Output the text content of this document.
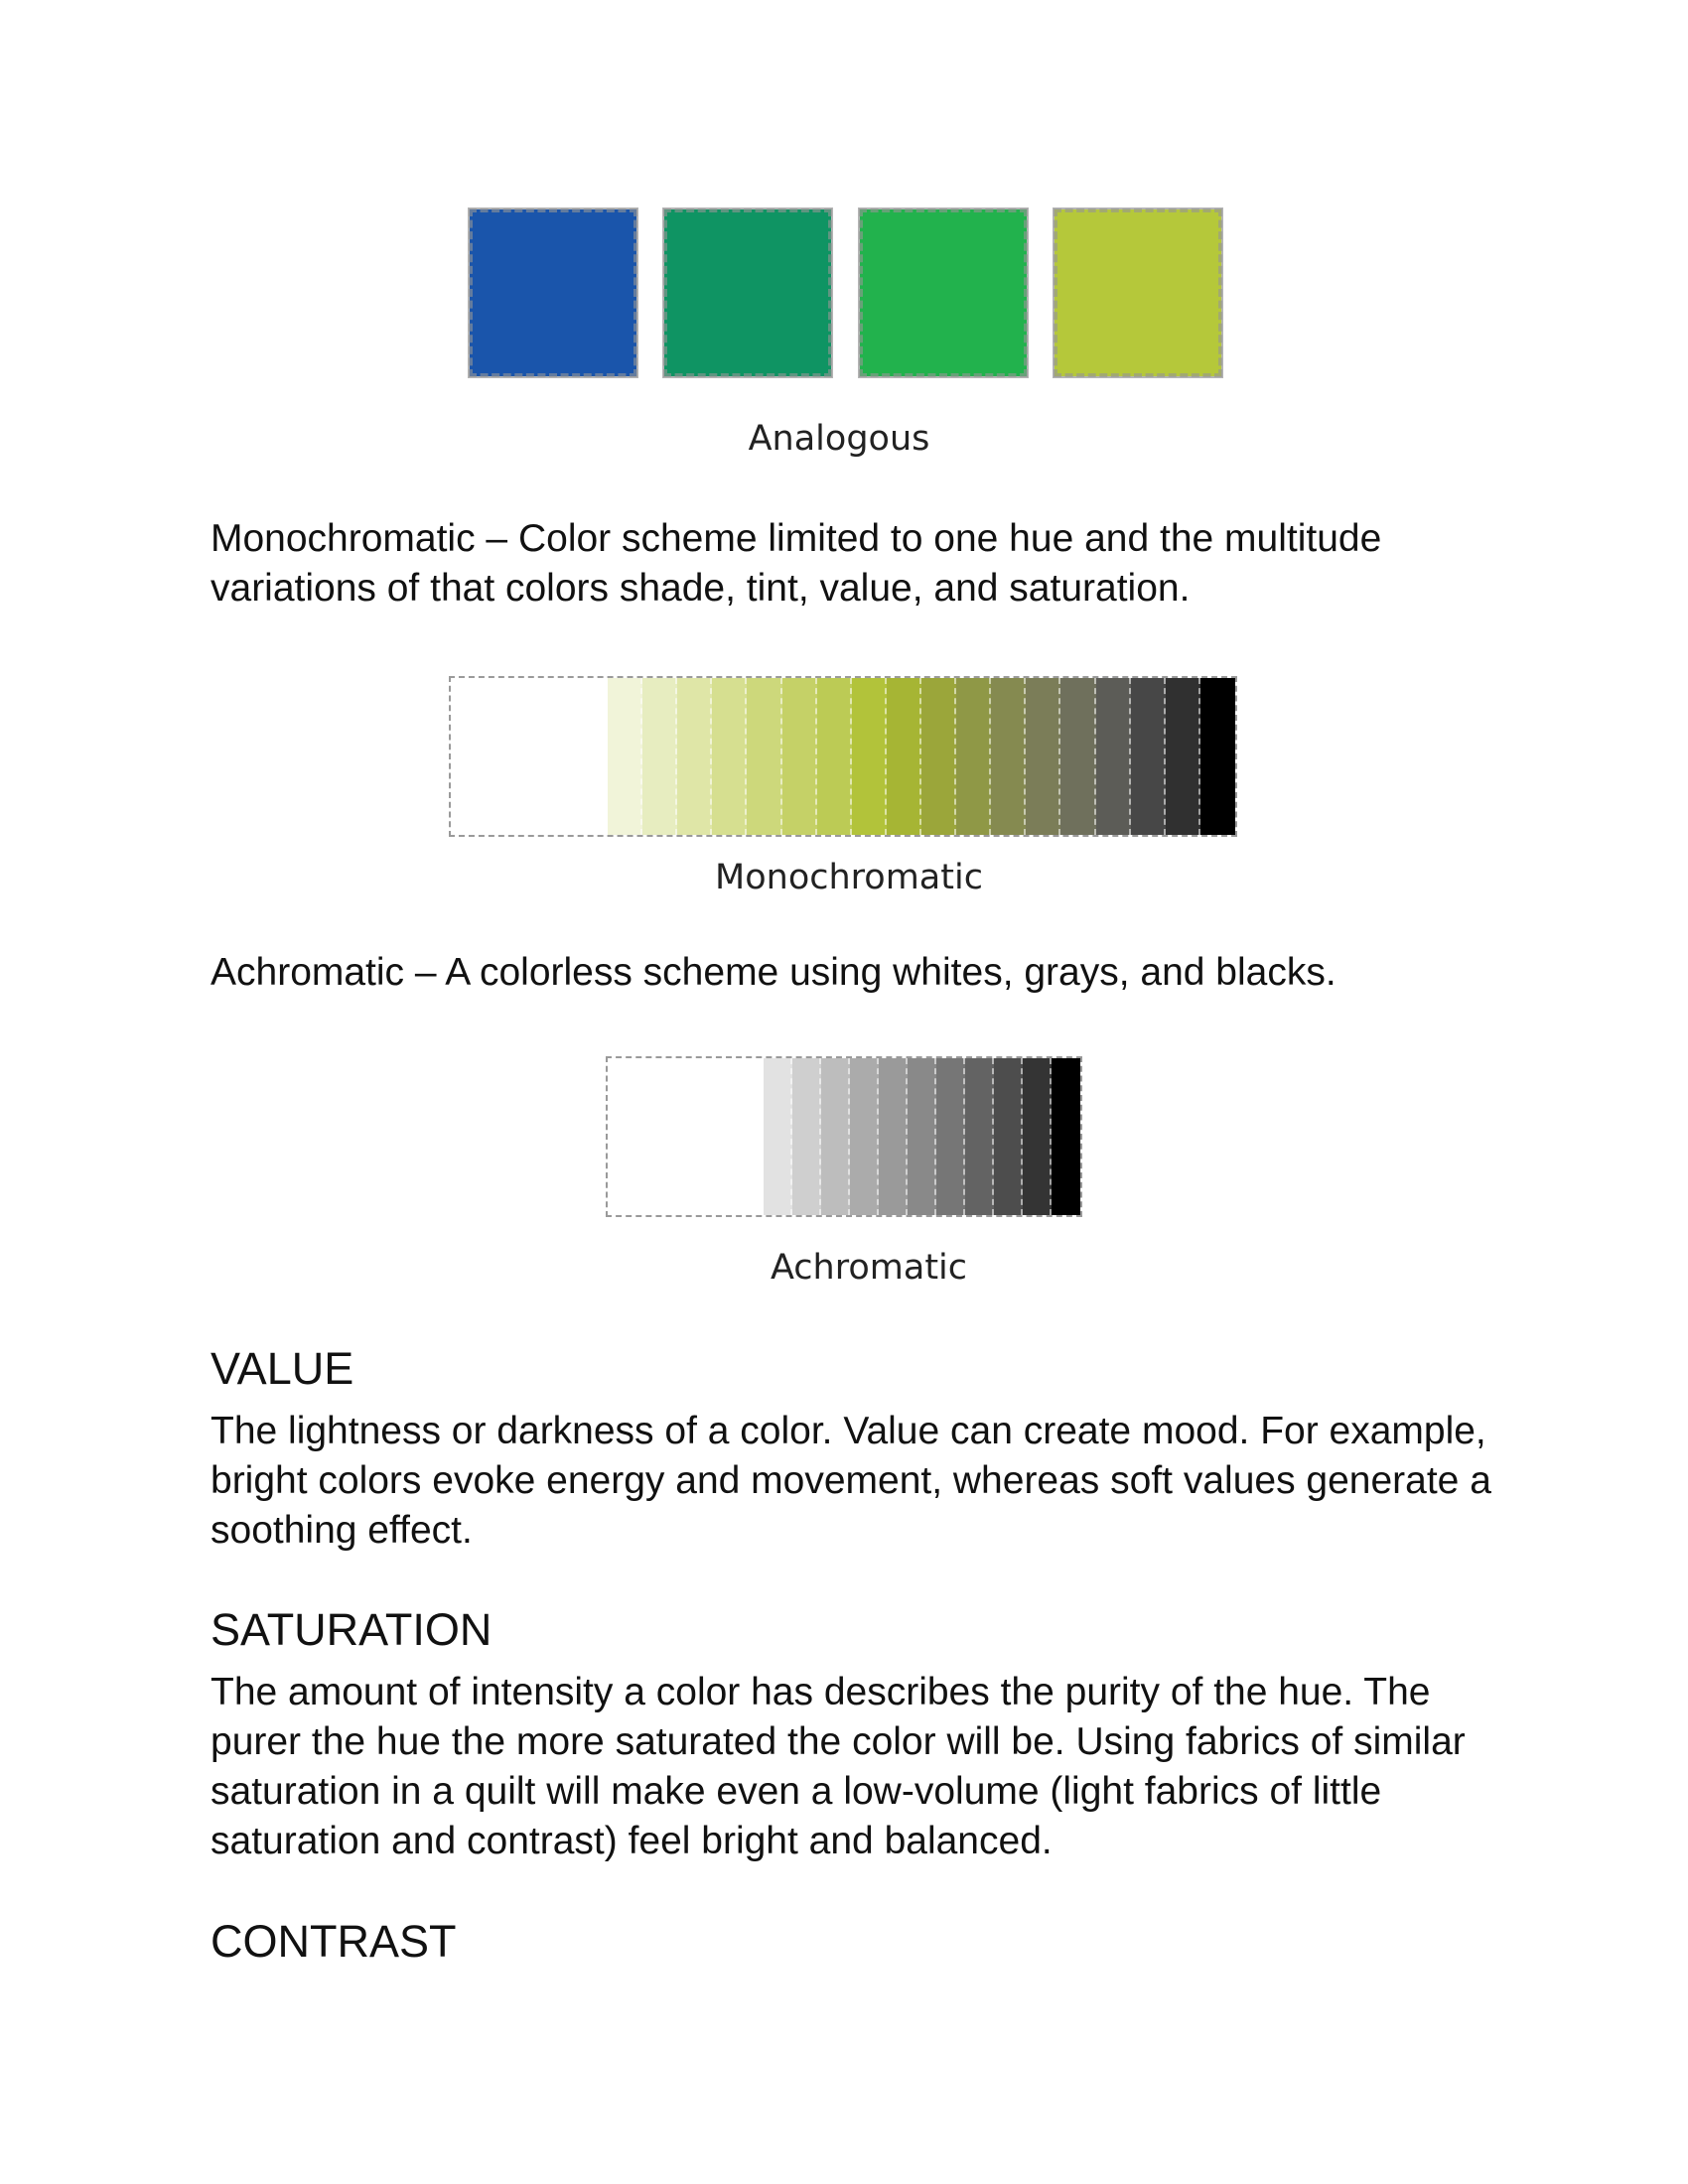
Analogous

Monochromatic – Color scheme limited to one hue and the multitude variations of that colors shade, tint, value, and saturation.

Monochromatic

Achromatic – A colorless scheme using whites, grays, and blacks.

Achromatic
VALUE

The lightness or darkness of a color. Value can create mood. For example, bright colors evoke energy and movement, whereas soft values generate a soothing effect.

SATURATION

The amount of intensity a color has describes the purity of the hue. The purer the hue the more saturated the color will be. Using fabrics of similar saturation in a quilt will make even a low-volume (light fabrics of little saturation and contrast) feel bright and balanced.

CONTRAST
